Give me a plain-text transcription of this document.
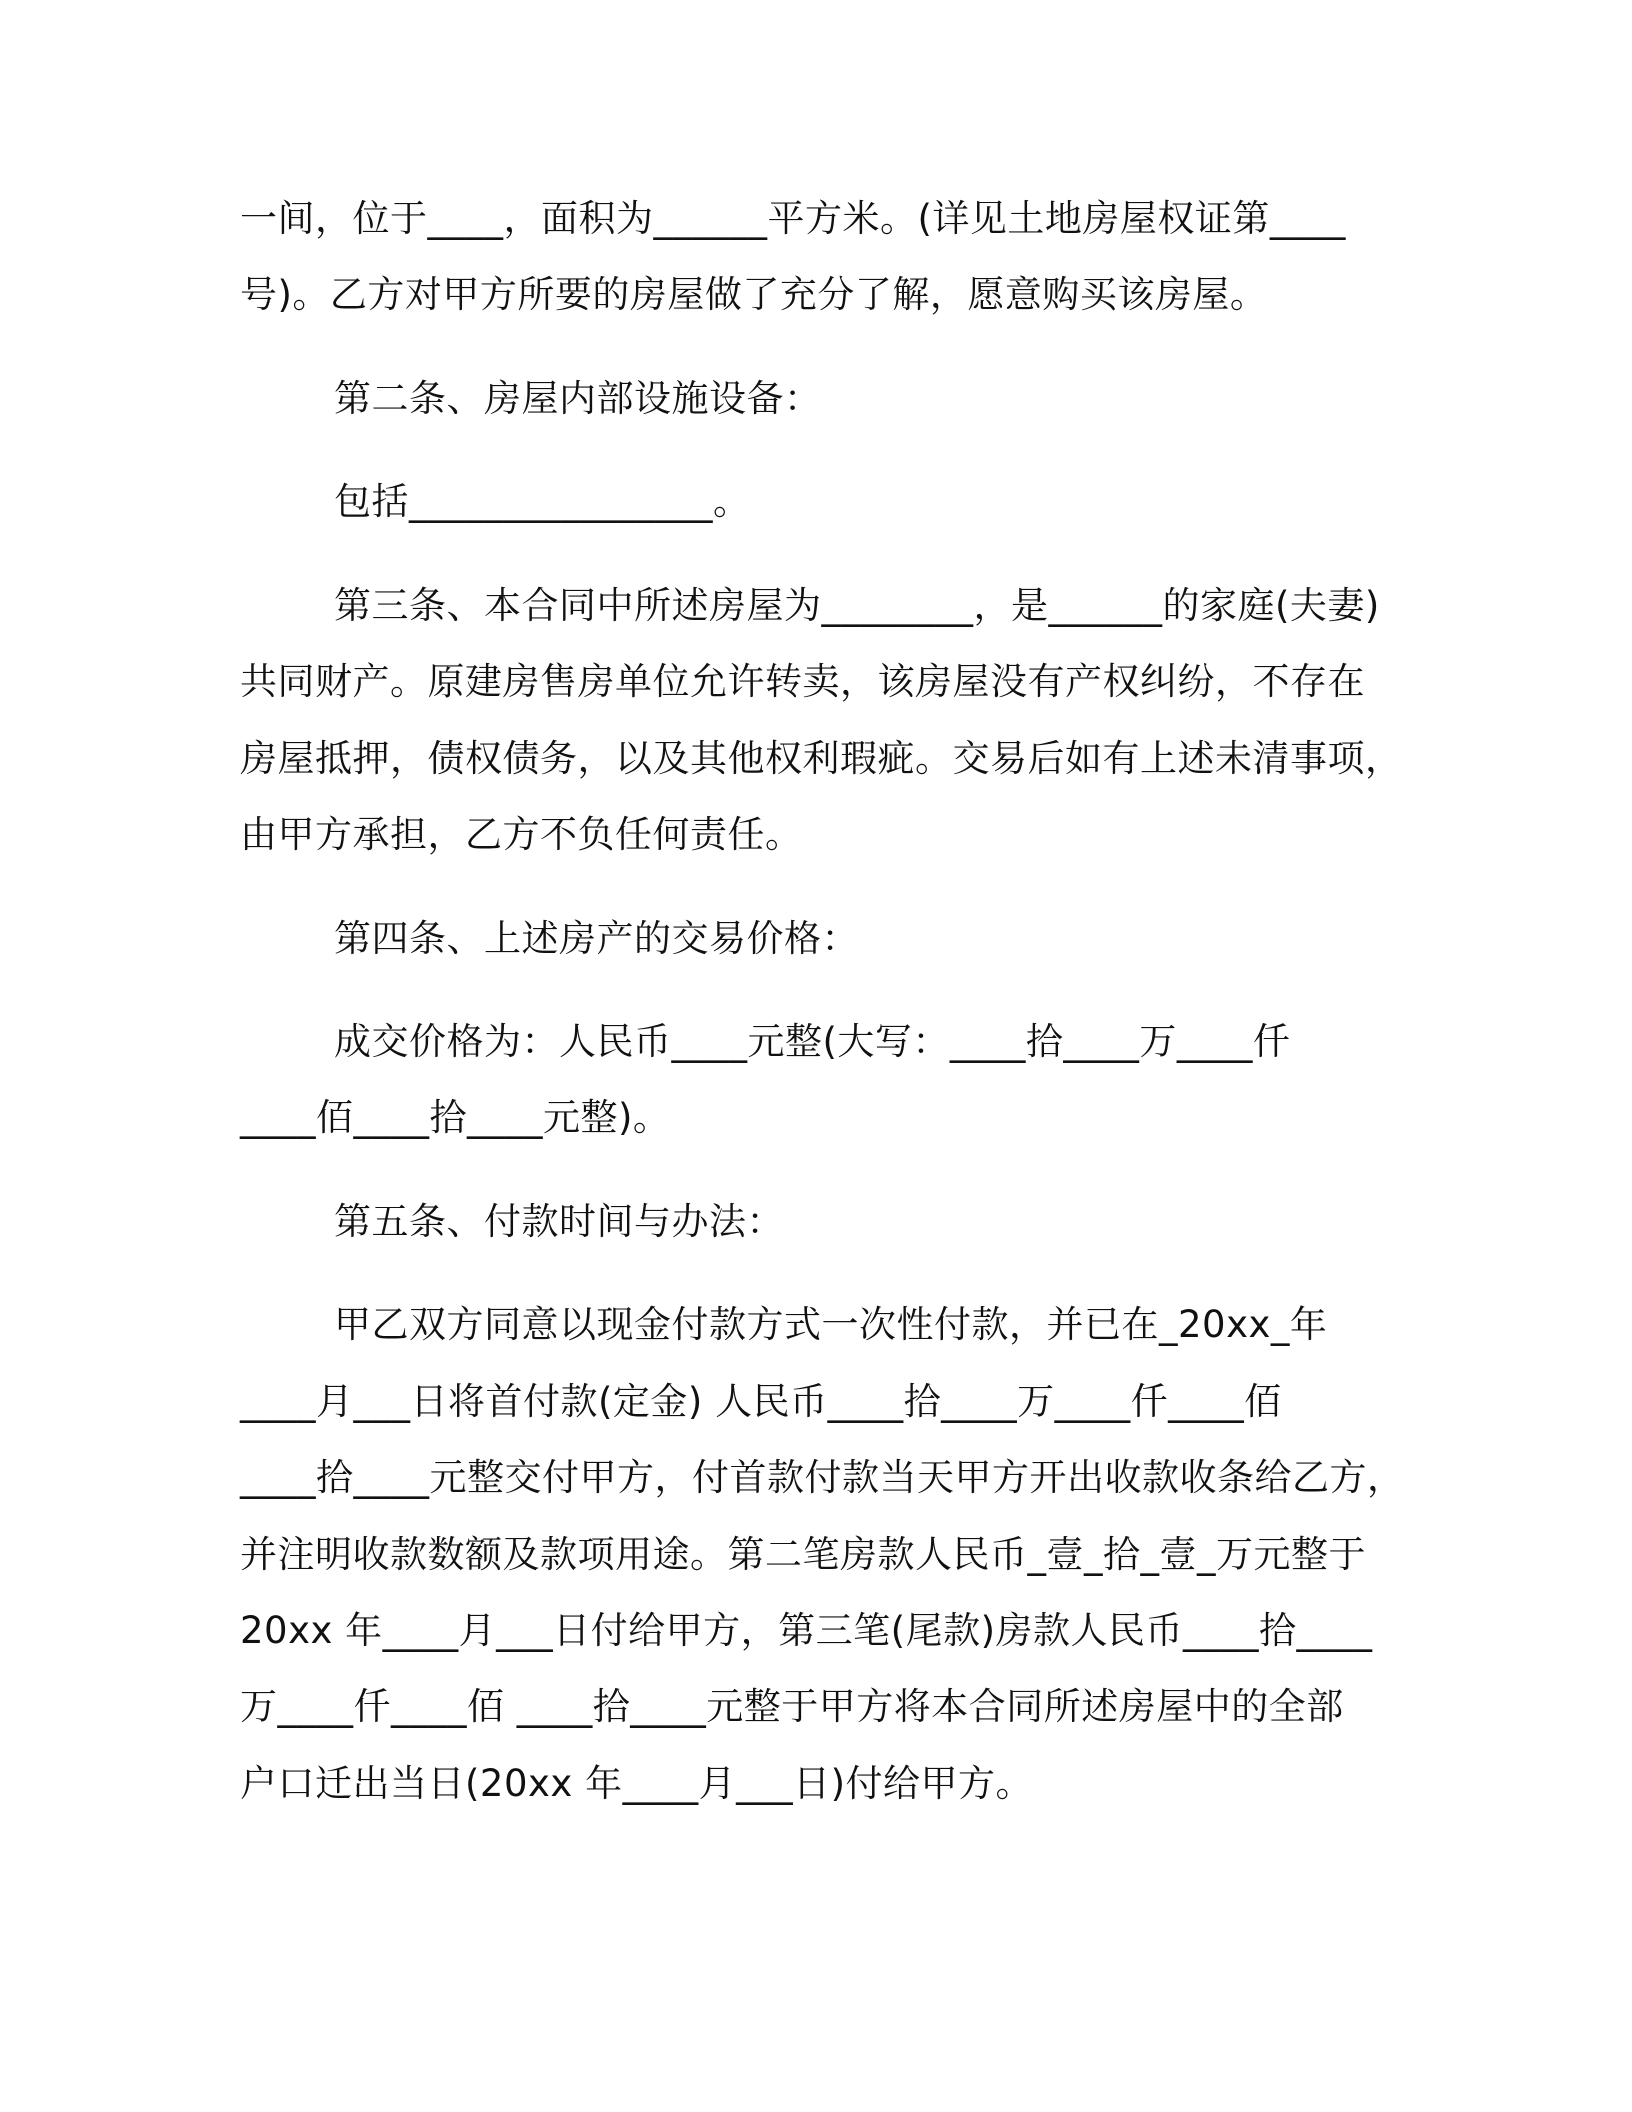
一间，位于____，面积为______平方米。(详见土地房屋权证第____
号)。乙方对甲方所要的房屋做了充分了解，愿意购买该房屋。
第二条、房屋内部设施设备：
包括________________。
第三条、本合同中所述房屋为________，是______的家庭(夫妻)
共同财产。原建房售房单位允许转卖，该房屋没有产权纠纷，不存在
房屋抵押，债权债务，以及其他权利瑕疵。交易后如有上述未清事项，
由甲方承担，乙方不负任何责任。
第四条、上述房产的交易价格：
成交价格为：人民币____元整(大写：____拾____万____仟
____佰____拾____元整)。
第五条、付款时间与办法：
甲乙双方同意以现金付款方式一次性付款，并已在_20xx_年
____月___日将首付款(定金) 人民币____拾____万____仟____佰
____拾____元整交付甲方，付首款付款当天甲方开出收款收条给乙方，
并注明收款数额及款项用途。第二笔房款人民币_壹_拾_壹_万元整于
20xx 年____月___日付给甲方，第三笔(尾款)房款人民币____拾____
万____仟____佰 ____拾____元整于甲方将本合同所述房屋中的全部
户口迁出当日(20xx 年____月___日)付给甲方。
